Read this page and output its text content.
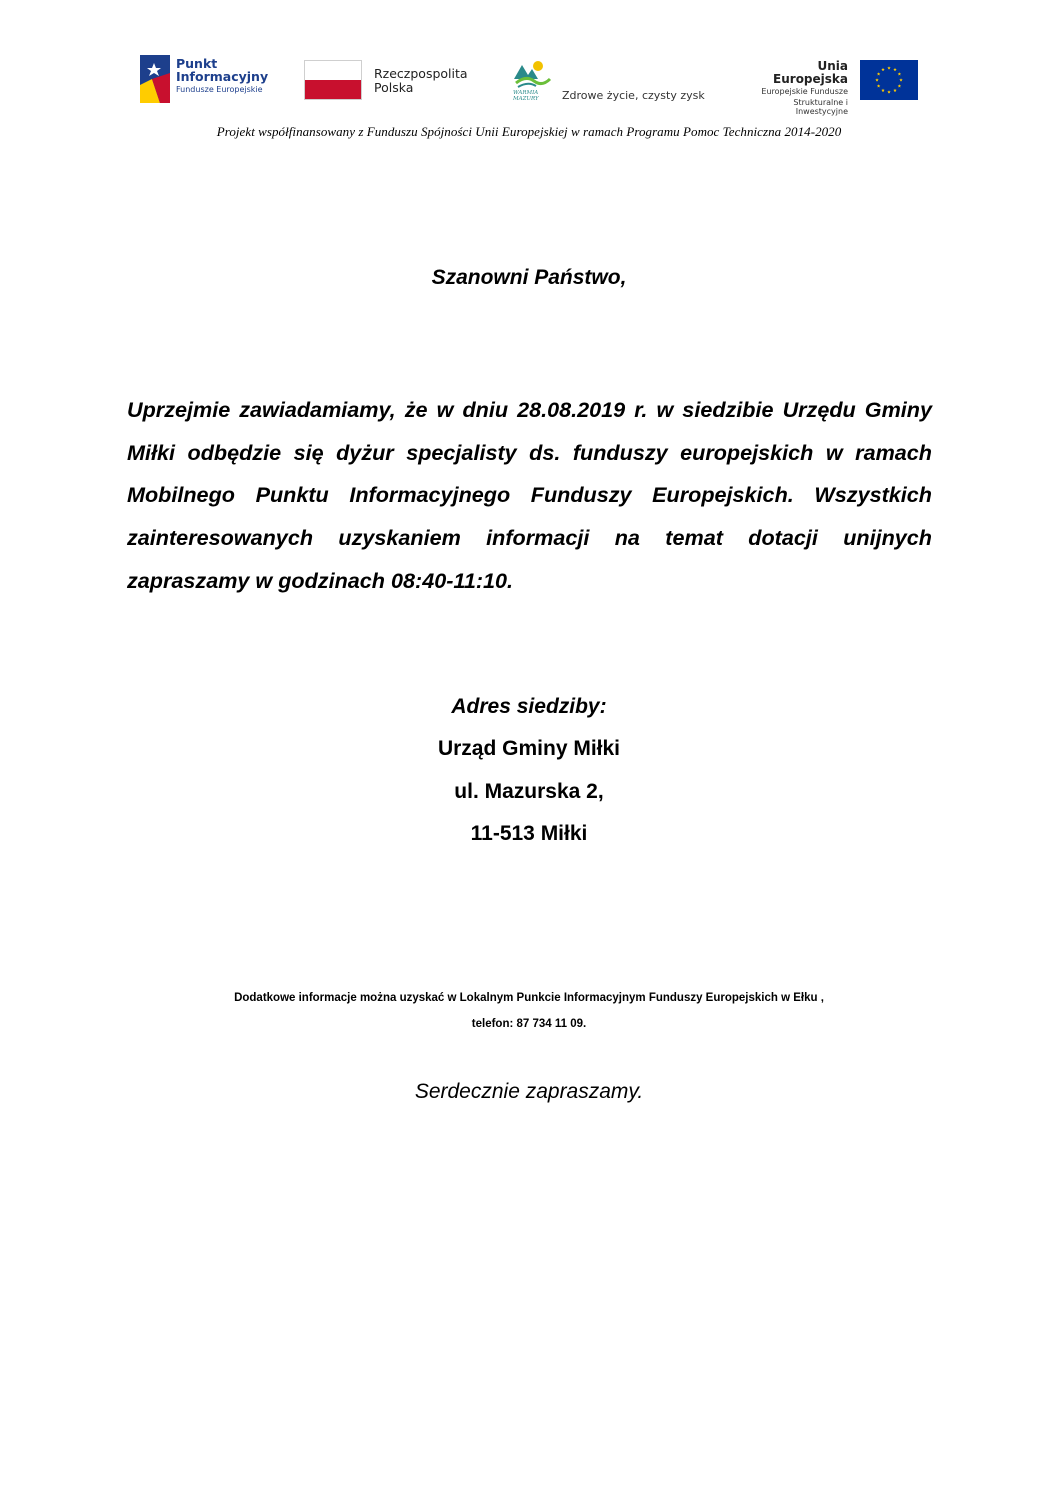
Punkt
Informacyjny
Fundusze Europejskie
Rzeczpospolita
Polska	WARMIA
MAZURY Zdrowe życie, czysty zysk
Unia Europejska
Europejskie Fundusze
Strukturalne i Inwestycyjne
Projekt współfinansowany z Funduszu Spójności Unii Europejskiej w ramach Programu Pomoc Techniczna 2014-2020
Szanowni Państwo,
Uprzejmie zawiadamiamy, że w dniu 28.08.2019 r. w siedzibie Urzędu Gminy Miłki odbędzie się dyżur specjalisty ds. funduszy europejskich w ramach Mobilnego Punktu Informacyjnego Funduszy Europejskich. Wszystkich zainteresowanych uzyskaniem informacji na temat dotacji unijnych zapraszamy w godzinach 08:40-11:10.
Adres siedziby:
Urząd Gminy Miłki
ul. Mazurska 2,
11-513 Miłki
Dodatkowe informacje można uzyskać w Lokalnym Punkcie Informacyjnym Funduszy Europejskich w Ełku ,
telefon: 87 734 11 09.
Serdecznie zapraszamy.
